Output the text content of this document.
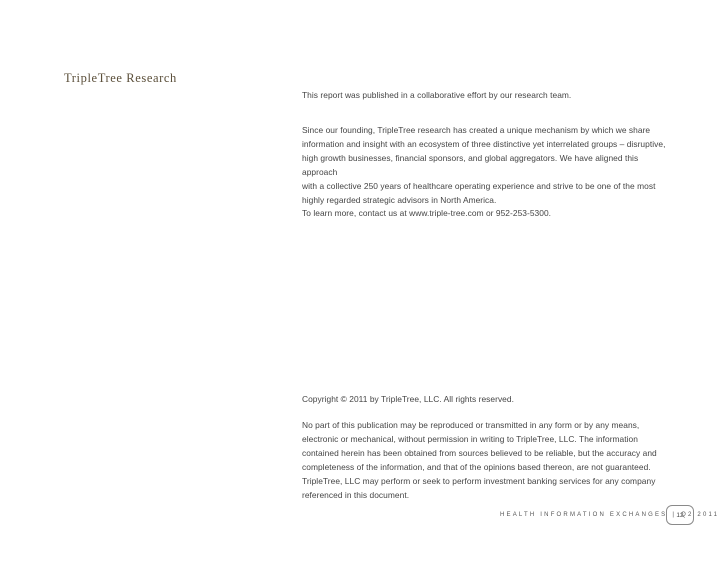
TripleTree Research

This report was published in a collaborative effort by our research team.

Since our founding, TripleTree research has created a unique mechanism by which we share

information and insight with an ecosystem of three distinctive yet interrelated groups – disruptive,

high growth businesses, financial sponsors, and global aggregators. We have aligned this approach

with a collective 250 years of healthcare operating experience and strive to be one of the most

highly regarded strategic advisors in North America.

To learn more, contact us at www.triple-tree.com or 952-253-5300.

Copyright © 2011 by TripleTree, LLC. All rights reserved.

No part of this publication may be reproduced or transmitted in any form or by any means,

electronic or mechanical, without permission in writing to TripleTree, LLC. The information

contained herein has been obtained from sources believed to be reliable, but the accuracy and

completeness of the information, and that of the opinions based thereon, are not guaranteed.

TripleTree, LLC may perform or seek to perform investment banking services for any company

referenced in this document.

HEALTH INFORMATION EXCHANGES | Q2 2011
12
